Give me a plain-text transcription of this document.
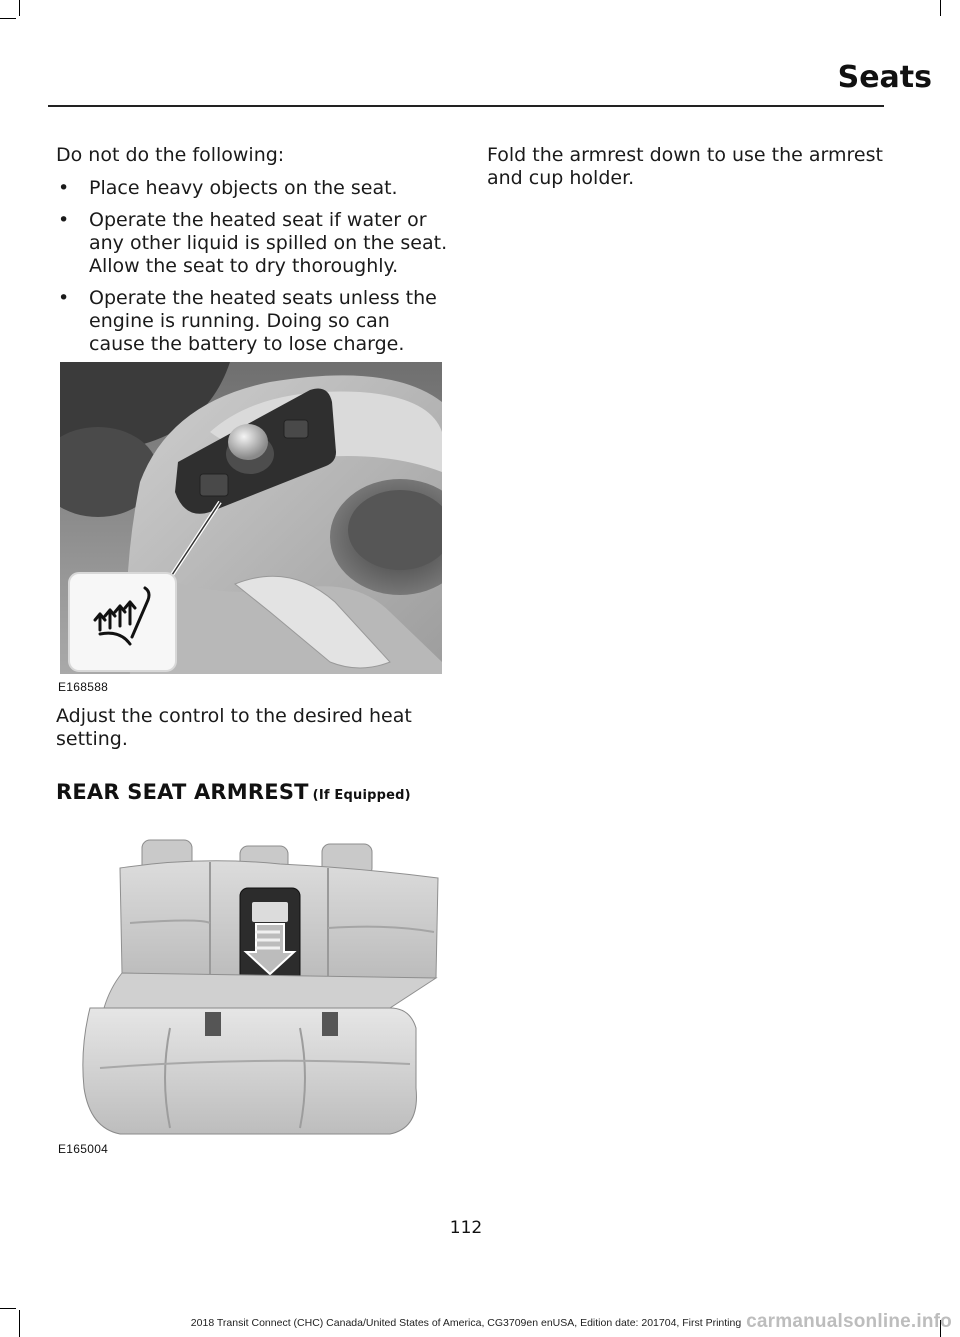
Seats

Do not do the following:

• Place heavy objects on the seat.
• Operate the heated seat if water or any other liquid is spilled on the seat. Allow the seat to dry thoroughly.
• Operate the heated seats unless the engine is running. Doing so can cause the battery to lose charge.
E168588

Adjust the control to the desired heat setting.

REAR SEAT ARMREST (If Equipped)
E165004

Fold the armrest down to use the armrest and cup holder.

112
2018 Transit Connect (CHC) Canada/United States of America, CG3709en enUSA, Edition date: 201704, First Printing carmanualsonline.info
